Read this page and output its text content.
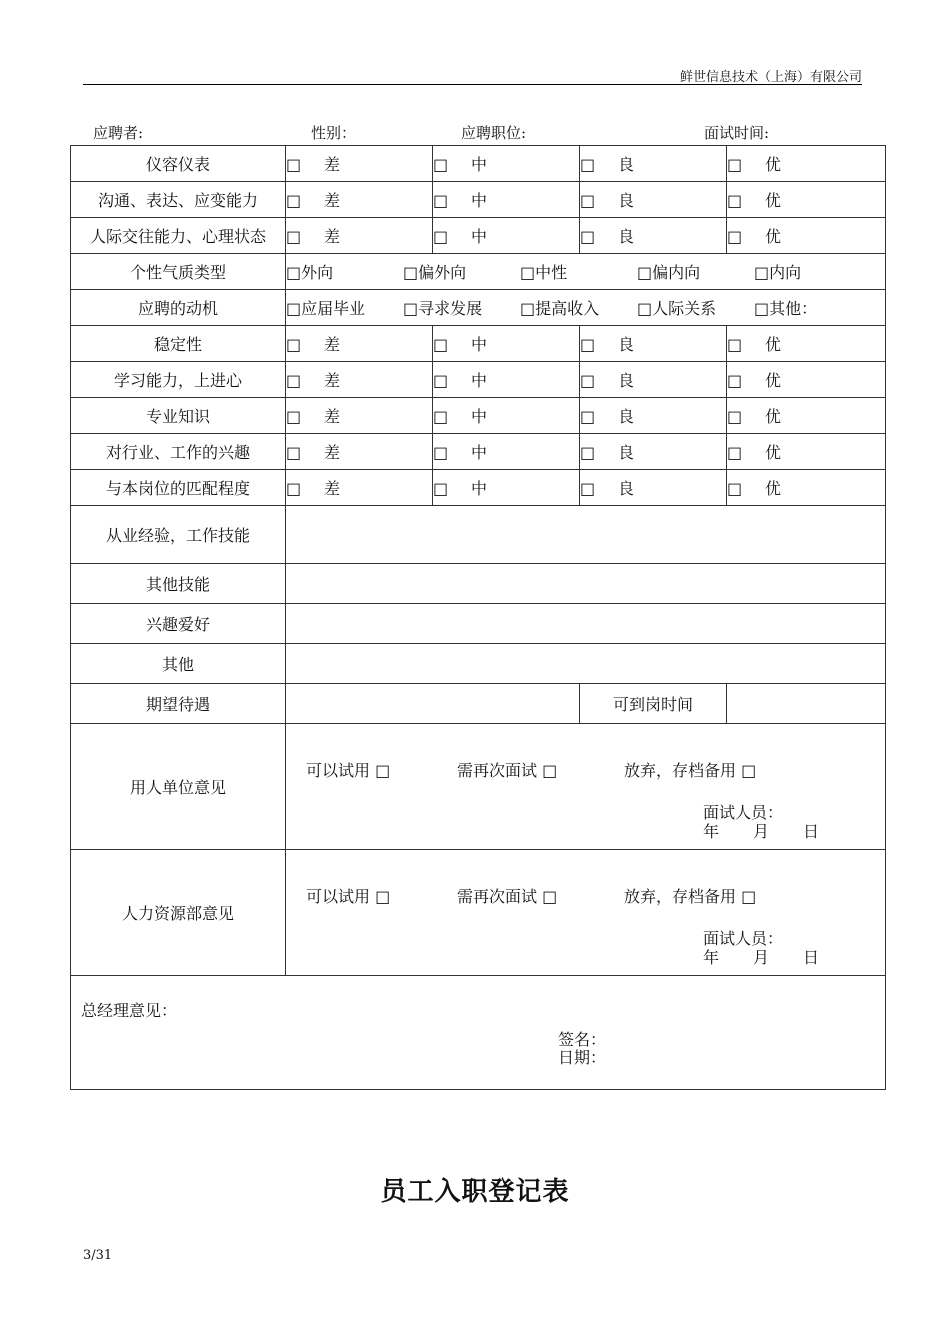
鲜世信息技术（上海）有限公司
应聘者:	性别：	应聘职位:	面试时间:
仪容仪表	□ 差	□ 中	□ 良	□ 优
沟通、表达、应变能力	□ 差	□ 中	□ 良	□ 优
人际交往能力、心理状态	□ 差	□ 中	□ 良	□ 优
个性气质类型	□外向 □偏外向 □中性 □偏内向 □内向			
应聘的动机	□应届毕业 □寻求发展 □提高收入 □人际关系 □其他：			
稳定性	□ 差	□ 中	□ 良	□ 优
学习能力，上进心	□ 差	□ 中	□ 良	□ 优
专业知识	□ 差	□ 中	□ 良	□ 优
对行业、工作的兴趣	□ 差	□ 中	□ 良	□ 优
与本岗位的匹配程度	□ 差	□ 中	□ 良	□ 优
从业经验，工作技能				
其他技能				
兴趣爱好				
其他				
期望待遇			可到岗时间	
用人单位意见	可以试用 □ 需再次面试 □ 放弃，存档备用 □
面试人员：
年 月 日			

人力资源部意见	可以试用 □ 需再次面试 □ 放弃，存档备用 □
面试人员：
年 月 日			

总经理意见：
签名：
日期：				
员工入职登记表
3/31
